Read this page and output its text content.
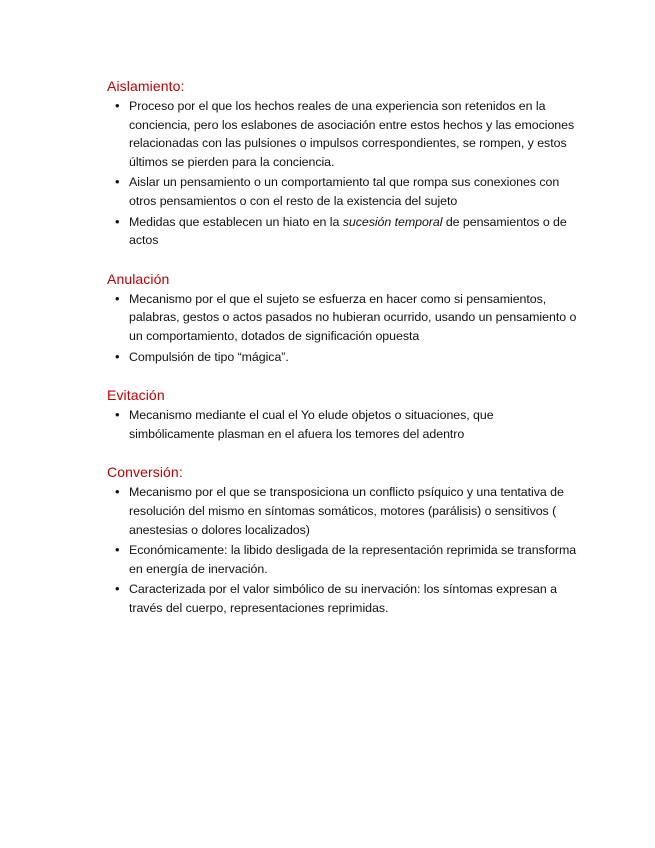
Aislamiento:
• Proceso por el que los hechos reales de una experiencia son retenidos en la conciencia, pero los eslabones de asociación entre estos hechos y las emociones relacionadas con las pulsiones o impulsos correspondientes, se rompen, y estos últimos se pierden para la conciencia.
• Aislar un pensamiento o un comportamiento tal que rompa sus conexiones con otros pensamientos o con el resto de la existencia del sujeto
• Medidas que establecen un hiato en la sucesión temporal de pensamientos o de actos
Anulación
• Mecanismo por el que el sujeto se esfuerza en hacer como si pensamientos, palabras, gestos o actos pasados no hubieran ocurrido, usando un pensamiento o un comportamiento, dotados de significación opuesta
• Compulsión de tipo “mágica”.
Evitación
• Mecanismo mediante el cual el Yo elude objetos o situaciones, que simbólicamente plasman en el afuera los temores del adentro
Conversión:
• Mecanismo por el que se transposiciona un conflicto psíquico y una tentativa de resolución del mismo en síntomas somáticos, motores (parálisis) o sensitivos ( anestesias o dolores localizados)
• Económicamente: la libido desligada de la representación reprimida se transforma en energía de inervación.
• Caracterizada por el valor simbólico de su inervación: los síntomas expresan a través del cuerpo, representaciones reprimidas.
